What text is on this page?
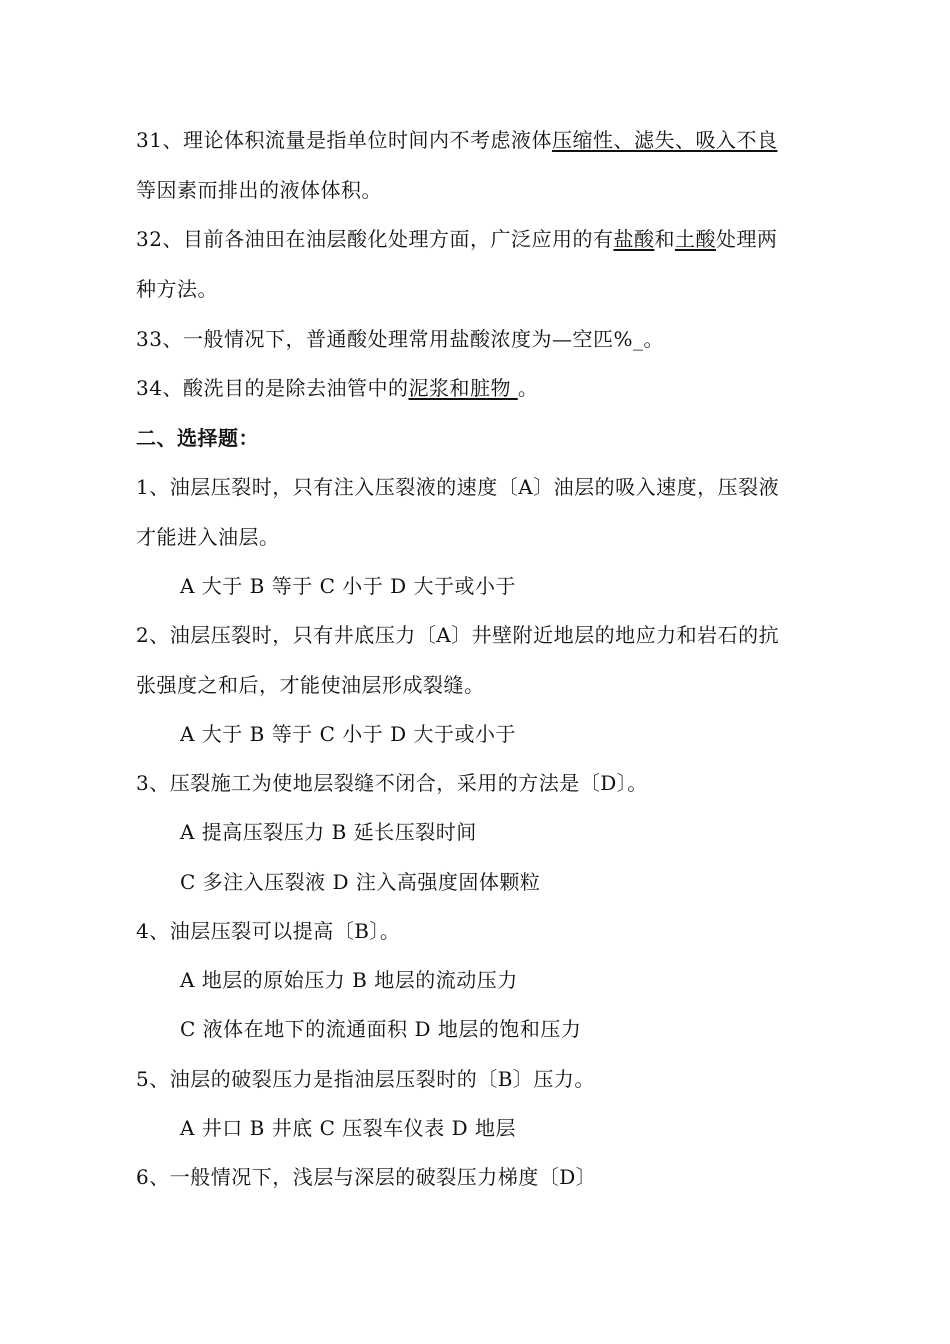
31、理论体积流量是指单位时间内不考虑液体压缩性、滤失、吸入不良
等因素而排出的液体体积。
32、目前各油田在油层酸化处理方面，广泛应用的有盐酸和土酸处理两
种方法。
33、一般情况下，普通酸处理常用盐酸浓度为—空匹%_。
34、酸洗目的是除去油管中的泥浆和脏物 。
二、选择题：
1、油层压裂时，只有注入压裂液的速度〔A〕油层的吸入速度，压裂液
才能进入油层。
A 大于 B 等于 C 小于 D 大于或小于
2、油层压裂时，只有井底压力〔A〕井壁附近地层的地应力和岩石的抗
张强度之和后，才能使油层形成裂缝。
A 大于 B 等于 C 小于 D 大于或小于
3、压裂施工为使地层裂缝不闭合，采用的方法是〔D〕。
A 提高压裂压力 B 延长压裂时间
C 多注入压裂液 D 注入高强度固体颗粒
4、油层压裂可以提高〔B〕。
A 地层的原始压力 B 地层的流动压力
C 液体在地下的流通面积 D 地层的饱和压力
5、油层的破裂压力是指油层压裂时的〔B〕压力。
A 井口 B 井底 C 压裂车仪表 D 地层
6、一般情况下，浅层与深层的破裂压力梯度〔D〕
